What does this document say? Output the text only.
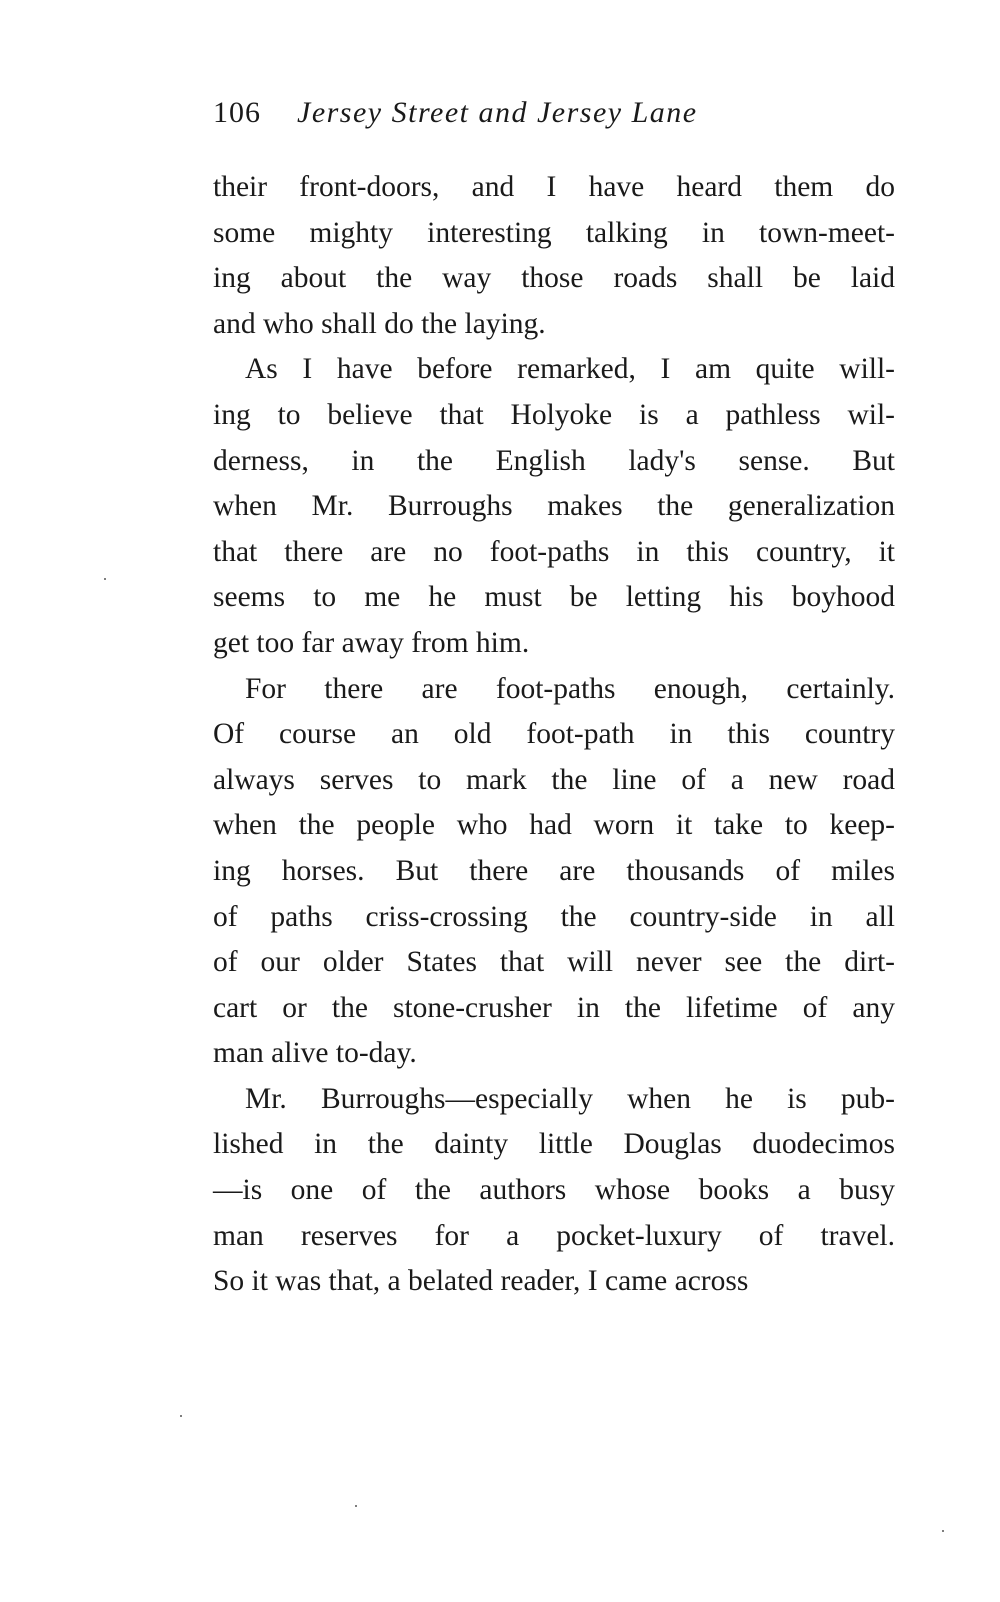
106 Jersey Street and Jersey Lane
their front-doors, and I have heard them do
some mighty interesting talking in town-meet-
ing about the way those roads shall be laid
and who shall do the laying.
As I have before remarked, I am quite will-
ing to believe that Holyoke is a pathless wil-
derness, in the English lady's sense. But
when Mr. Burroughs makes the generalization
that there are no foot-paths in this country, it
seems to me he must be letting his boyhood
get too far away from him.
For there are foot-paths enough, certainly.
Of course an old foot-path in this country
always serves to mark the line of a new road
when the people who had worn it take to keep-
ing horses. But there are thousands of miles
of paths criss-crossing the country-side in all
of our older States that will never see the dirt-
cart or the stone-crusher in the lifetime of any
man alive to-day.
Mr. Burroughs—especially when he is pub-
lished in the dainty little Douglas duodecimos
—is one of the authors whose books a busy
man reserves for a pocket-luxury of travel.
So it was that, a belated reader, I came across
